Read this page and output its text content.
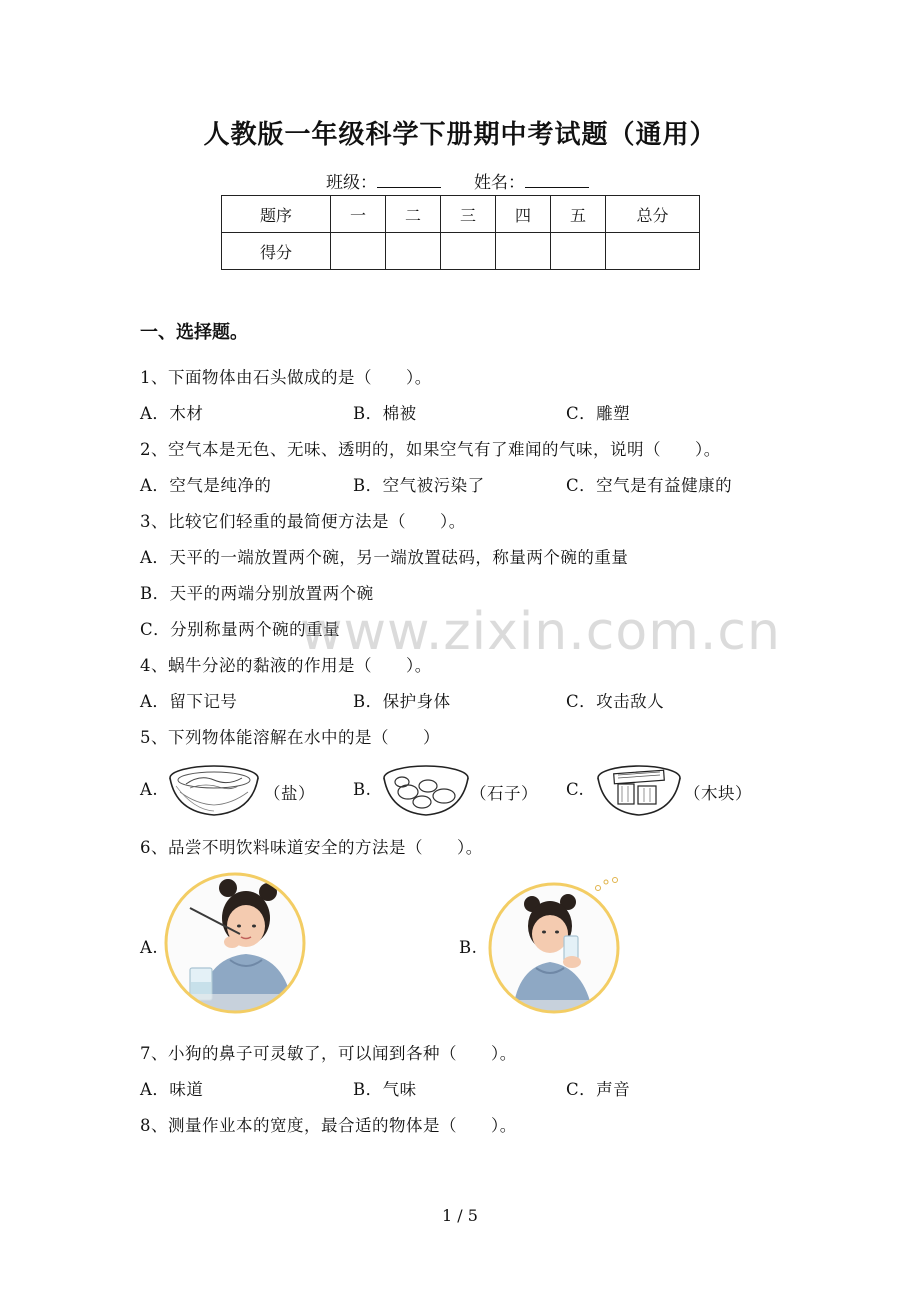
人教版一年级科学下册期中考试题（通用）
班级：	姓名：
题序	一	二	三	四	五	总分
得分						
一、选择题。
1、下面物体由石头做成的是（　　）。
A．木材	B．棉被	C．雕塑
2、空气本是无色、无味、透明的，如果空气有了难闻的气味，说明（　　）。
A．空气是纯净的	B．空气被污染了	C．空气是有益健康的
3、比较它们轻重的最简便方法是（　　）。
A．天平的一端放置两个碗，另一端放置砝码，称量两个碗的重量
B．天平的两端分别放置两个碗
C．分别称量两个碗的重量
www.zixin.com.cn
4、蜗牛分泌的黏液的作用是（　　）。
A．留下记号	B．保护身体	C．攻击敌人
5、下列物体能溶解在水中的是（　　）
A.	（盐） B.	（石子） C.	（木块）
6、品尝不明饮料味道安全的方法是（　　）。
A.	B.
7、小狗的鼻子可灵敏了，可以闻到各种（　　）。
A．味道	B．气味	C．声音
8、测量作业本的宽度，最合适的物体是（　　）。
1 / 5
